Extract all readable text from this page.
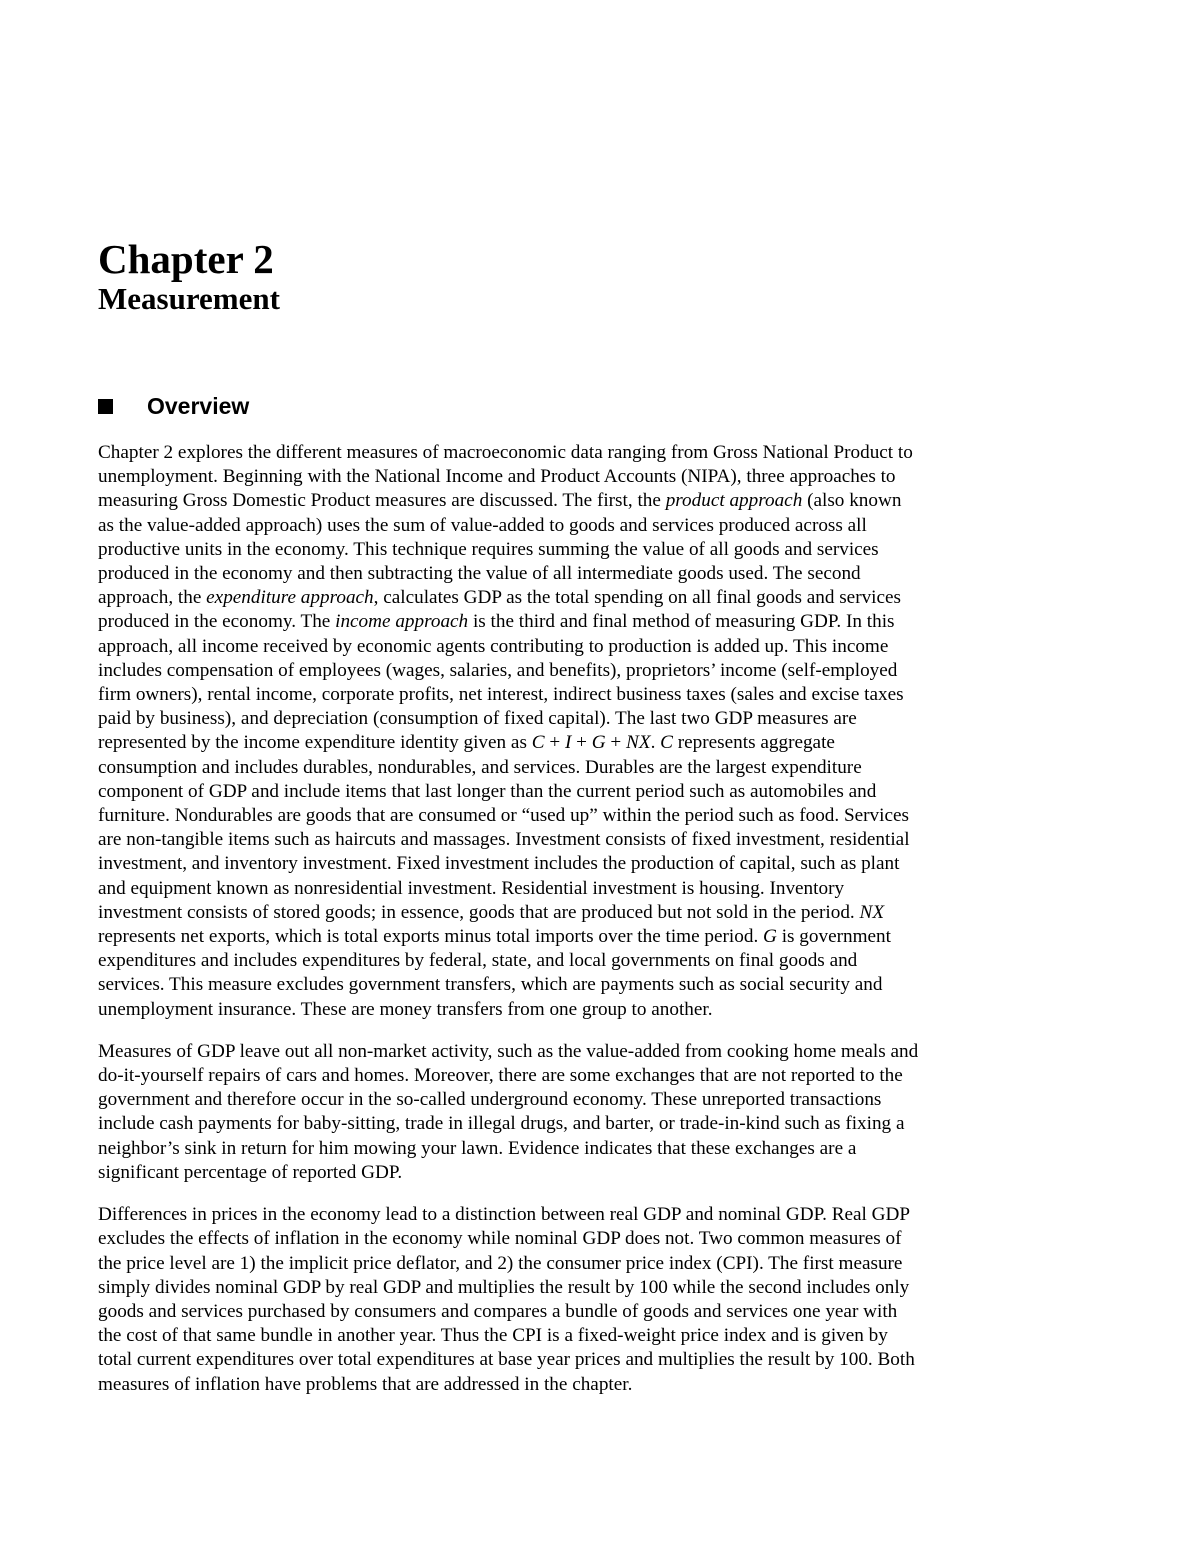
Chapter 2
Measurement
Overview

Chapter 2 explores the different measures of macroeconomic data ranging from Gross National Product to
unemployment. Beginning with the National Income and Product Accounts (NIPA), three approaches to
measuring Gross Domestic Product measures are discussed. The first, the product approach (also known
as the value-added approach) uses the sum of value-added to goods and services produced across all
productive units in the economy. This technique requires summing the value of all goods and services
produced in the economy and then subtracting the value of all intermediate goods used. The second
approach, the expenditure approach, calculates GDP as the total spending on all final goods and services
produced in the economy. The income approach is the third and final method of measuring GDP. In this
approach, all income received by economic agents contributing to production is added up. This income
includes compensation of employees (wages, salaries, and benefits), proprietors’ income (self-employed
firm owners), rental income, corporate profits, net interest, indirect business taxes (sales and excise taxes
paid by business), and depreciation (consumption of fixed capital). The last two GDP measures are
represented by the income expenditure identity given as C + I + G + NX. C represents aggregate
consumption and includes durables, nondurables, and services. Durables are the largest expenditure
component of GDP and include items that last longer than the current period such as automobiles and
furniture. Nondurables are goods that are consumed or “used up” within the period such as food. Services
are non-tangible items such as haircuts and massages. Investment consists of fixed investment, residential
investment, and inventory investment. Fixed investment includes the production of capital, such as plant
and equipment known as nonresidential investment. Residential investment is housing. Inventory
investment consists of stored goods; in essence, goods that are produced but not sold in the period. NX
represents net exports, which is total exports minus total imports over the time period. G is government
expenditures and includes expenditures by federal, state, and local governments on final goods and
services. This measure excludes government transfers, which are payments such as social security and
unemployment insurance. These are money transfers from one group to another.

Measures of GDP leave out all non-market activity, such as the value-added from cooking home meals and
do-it-yourself repairs of cars and homes. Moreover, there are some exchanges that are not reported to the
government and therefore occur in the so-called underground economy. These unreported transactions
include cash payments for baby-sitting, trade in illegal drugs, and barter, or trade-in-kind such as fixing a
neighbor’s sink in return for him mowing your lawn. Evidence indicates that these exchanges are a
significant percentage of reported GDP.

Differences in prices in the economy lead to a distinction between real GDP and nominal GDP. Real GDP
excludes the effects of inflation in the economy while nominal GDP does not. Two common measures of
the price level are 1) the implicit price deflator, and 2) the consumer price index (CPI). The first measure
simply divides nominal GDP by real GDP and multiplies the result by 100 while the second includes only
goods and services purchased by consumers and compares a bundle of goods and services one year with
the cost of that same bundle in another year. Thus the CPI is a fixed-weight price index and is given by
total current expenditures over total expenditures at base year prices and multiplies the result by 100. Both
measures of inflation have problems that are addressed in the chapter.
